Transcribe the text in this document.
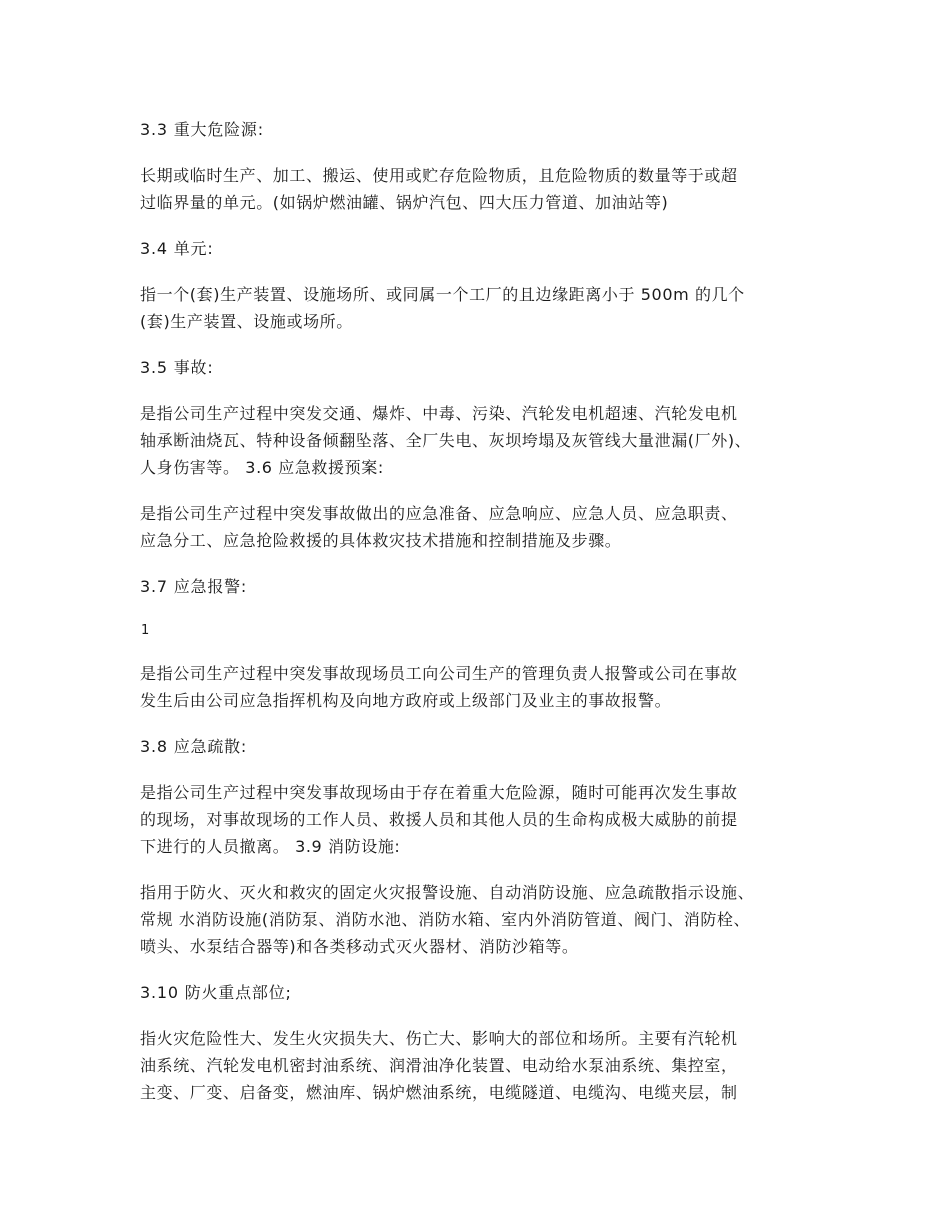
3.3 重大危险源:

长期或临时生产、加工、搬运、使用或贮存危险物质，且危险物质的数量等于或超

过临界量的单元。(如锅炉燃油罐、锅炉汽包、四大压力管道、加油站等)

3.4 单元:

指一个(套)生产装置、设施场所、或同属一个工厂的且边缘距离小于 500m 的几个

(套)生产装置、设施或场所。

3.5 事故:

是指公司生产过程中突发交通、爆炸、中毒、污染、汽轮发电机超速、汽轮发电机

轴承断油烧瓦、特种设备倾翻坠落、全厂失电、灰坝垮塌及灰管线大量泄漏(厂外)、

人身伤害等。 3.6 应急救援预案:

是指公司生产过程中突发事故做出的应急准备、应急响应、应急人员、应急职责、

应急分工、应急抢险救援的具体救灾技术措施和控制措施及步骤。

3.7 应急报警:

1

是指公司生产过程中突发事故现场员工向公司生产的管理负责人报警或公司在事故

发生后由公司应急指挥机构及向地方政府或上级部门及业主的事故报警。

3.8 应急疏散:

是指公司生产过程中突发事故现场由于存在着重大危险源，随时可能再次发生事故

的现场，对事故现场的工作人员、救援人员和其他人员的生命构成极大威胁的前提

下进行的人员撤离。 3.9 消防设施:

指用于防火、灭火和救灾的固定火灾报警设施、自动消防设施、应急疏散指示设施、

常规 水消防设施(消防泵、消防水池、消防水箱、室内外消防管道、阀门、消防栓、

喷头、水泵结合器等)和各类移动式灭火器材、消防沙箱等。

3.10 防火重点部位;

指火灾危险性大、发生火灾损失大、伤亡大、影响大的部位和场所。主要有汽轮机

油系统、汽轮发电机密封油系统、润滑油净化装置、电动给水泵油系统、集控室，

主变、厂变、启备变，燃油库、锅炉燃油系统，电缆隧道、电缆沟、电缆夹层，制
